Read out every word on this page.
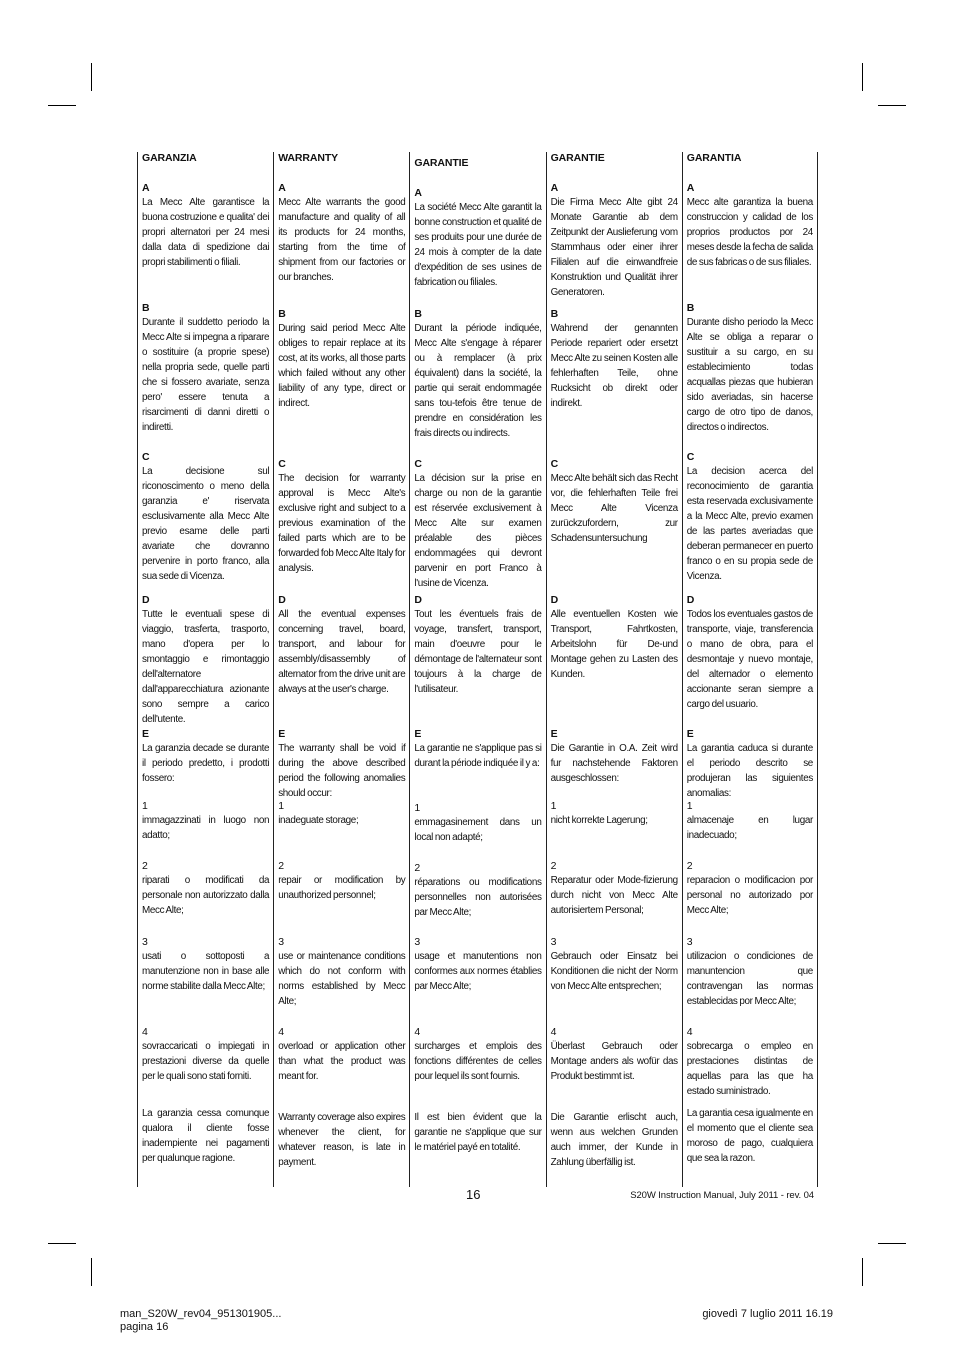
GARANZIA
A
La Mecc Alte garantisce la buona costruzione e qualita' dei propri alternatori per 24 mesi dalla data di spedizione dai propri stabilimenti o filiali.
B
Durante il suddetto periodo la Mecc Alte si impegna a riparare o sostituire (a proprie spese) nella propria sede, quelle parti che si fossero avariate, senza pero' essere tenuta a risarcimenti di danni diretti o indiretti.
C
La decisione sul riconoscimento o meno della garanzia e' riservata esclusivamente alla Mecc Alte previo esame delle parti avariate che dovranno pervenire in porto franco, alla sua sede di Vicenza.
D
Tutte le eventuali spese di viaggio, trasferta, trasporto, mano d'opera per lo smontaggio e rimontaggio dell'alternatore dall'apparecchiatura azionante sono sempre a carico dell'utente.
E
La garanzia decade se durante il periodo predetto, i prodotti fossero:
1
immagazzinati in luogo non adatto;
2
riparati o modificati da personale non autorizzato dalla Mecc Alte;
3
usati o sottoposti a manutenzione non in base alle norme stabilite dalla Mecc Alte;
4
sovraccaricati o impiegati in prestazioni diverse da quelle per le quali sono stati forniti.
La garanzia cessa comunque qualora il cliente fosse inadempiente nei pagamenti per qualunque ragione.
WARRANTY
A
Mecc Alte warrants the good manufacture and quality of all its products for 24 months, starting from the time of shipment from our factories or our branches.
B
During said period Mecc Alte obliges to repair replace at its cost, at its works, all those parts which failed without any other liability of any type, direct or indirect.
C
The decision for warranty approval is Mecc Alte's exclusive right and subject to a previous examination of the failed parts which are to be forwarded fob Mecc Alte Italy for analysis.
D
All the eventual expenses concerning travel, board, transport, and labour for assembly/disassembly of alternator from the drive unit are always at the user's charge.
E
The warranty shall be void if during the above described period the following anomalies should occur:
1
inadeguate storage;
2
repair or modification by unauthorized personnel;
3
use or maintenance conditions which do not conform with norms established by Mecc Alte;
4
overload or application other than what the product was meant for.
Warranty coverage also expires whenever the client, for whatever reason, is late in payment.
GARANTIE
A
La société Mecc Alte garantit la bonne construction et qualité de ses produits pour une durée de 24 mois à compter de la date d'expédition de ses usines de fabrication ou filiales.
B
Durant la période indiquée, Mecc Alte s'engage à réparer ou à remplacer (à prix équivalent) dans la société, la partie qui serait endommagée sans tou-tefois être tenue de prendre en considération les frais directs ou indirects.
C
La décision sur la prise en charge ou non de la garantie est réservée exclusivement à Mecc Alte sur examen préalable des pièces endommagées qui devront parvenir en port Franco à l'usine de Vicenza.
D
Tout les éventuels frais de voyage, transfert, transport, main d'oeuvre pour le démontage de l'alternateur sont toujours à la charge de l'utilisateur.
E
La garantie ne s'applique pas si durant la période indiquée il y a:
1
emmagasinement dans un local non adapté;
2
réparations ou modifications personnelles non autorisées par Mecc Alte;
3
usage et manutentions non conformes aux normes établies par Mecc Alte;
4
surcharges et emplois des fonctions différentes de celles pour lequel ils sont fournis.
Il est bien évident que la garantie ne s'applique que sur le matériel payé en totalité.
GARANTIE
A
Die Firma Mecc Alte gibt 24 Monate Garantie ab dem Zeitpunkt der Auslieferung vom Stammhaus oder einer ihrer Filialen auf die einwandfreie Konstruktion und Qualität ihrer Generatoren.
B
Wahrend der genannten Periode repariert oder ersetzt Mecc Alte zu seinen Kosten alle fehlerhaften Teile, ohne Rucksicht ob direkt oder indirekt.
C
Mecc Alte behält sich das Recht vor, die fehlerhaften Teile frei Mecc Alte Vicenza zurückzufordern, zur Schadensuntersuchung
D
Alle eventuellen Kosten wie Transport, Fahrtkosten, Arbeitslohn für De-und Montage gehen zu Lasten des Kunden.
E
Die Garantie in O.A. Zeit wird fur nachstehende Faktoren ausgeschlossen:
1
nicht korrekte Lagerung;
2
Reparatur oder Mode-fizierung durch nicht von Mecc Alte autorisiertem Personal;
3
Gebrauch oder Einsatz bei Konditionen die nicht der Norm von Mecc Alte entsprechen;
4
Überlast Gebrauch oder Montage anders als wofür das Produkt bestimmt ist.
Die Garantie erlischt auch, wenn aus welchen Grunden auch immer, der Kunde in Zahlung überfällig ist.
GARANTIA
A
Mecc alte garantiza la buena construccion y calidad de los proprios productos por 24 meses desde la fecha de salida de sus fabricas o de sus filiales.
B
Durante disho periodo la Mecc Alte se obliga a reparar o sustituir a su cargo, en su establecimiento todas acquallas piezas que hubieran sido averiadas, sin hacerse cargo de otro tipo de danos, directos o indirectos.
C
La decision acerca del reconocimiento de garantia esta reservada exclusivamente a la Mecc Alte, previo examen de las partes averiadas que deberan permanecer en puerto franco o en su propia sede de Vicenza.
D
Todos los eventuales gastos de transporte, viaje, transferencia o mano de obra, para el desmontaje y nuevo montaje, del alternador o elemento accionante seran siempre a cargo del usuario.
E
La garantia caduca si durante el periodo descrito se produjeran las siguientes anomalias:
1
almacenaje en lugar inadecuado;
2
reparacion o modificacion por personal no autorizado por Mecc Alte;
3
utilizacion o condiciones de manuntencion que contravengan las normas establecidas por Mecc Alte;
4
sobrecarga o empleo en prestaciones distintas de aquellas para las que ha estado suministrado.
La garantia cesa igualmente en el momento que el cliente sea moroso de pago, cualquiera que sea la razon.
16	S20W Instruction Manual, July 2011 - rev. 04
man_S20W_rev04_951301905...
pagina 16
giovedì 7 luglio 2011 16.19
